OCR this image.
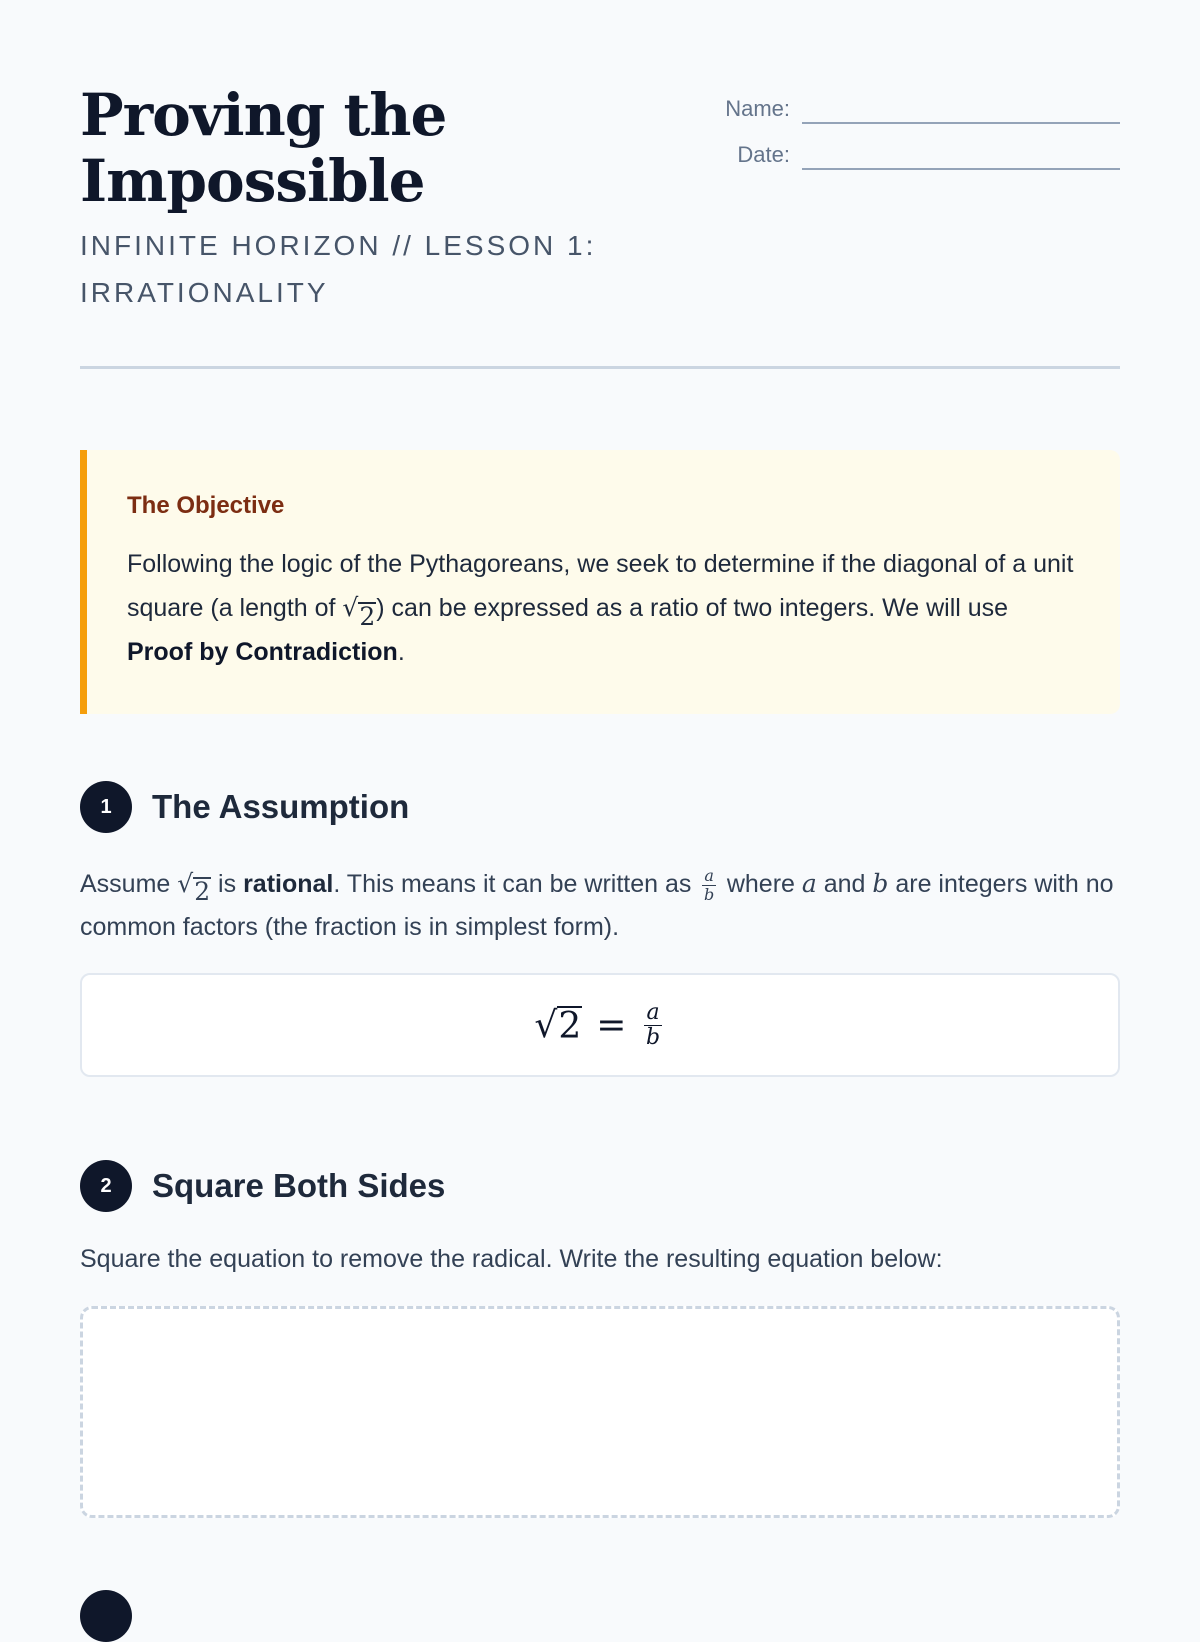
Proving the Impossible
INFINITE HORIZON // LESSON 1: IRRATIONALITY
Name:
Date:

The Objective

Following the logic of the Pythagoreans, we seek to determine if the diagonal of a unit square (a length of √ 2 ) can be expressed as a ratio of two integers. We will use Proof by Contradiction.

1	The Assumption

Assume √ 2 is rational. This means it can be written as $\frac{a}{b}$ where a and b are integers with no common factors (the fraction is in simplest form).

√ $2 = \frac{a}{b}$
2	Square Both Sides

Square the equation to remove the radical. Write the resulting equation below:
